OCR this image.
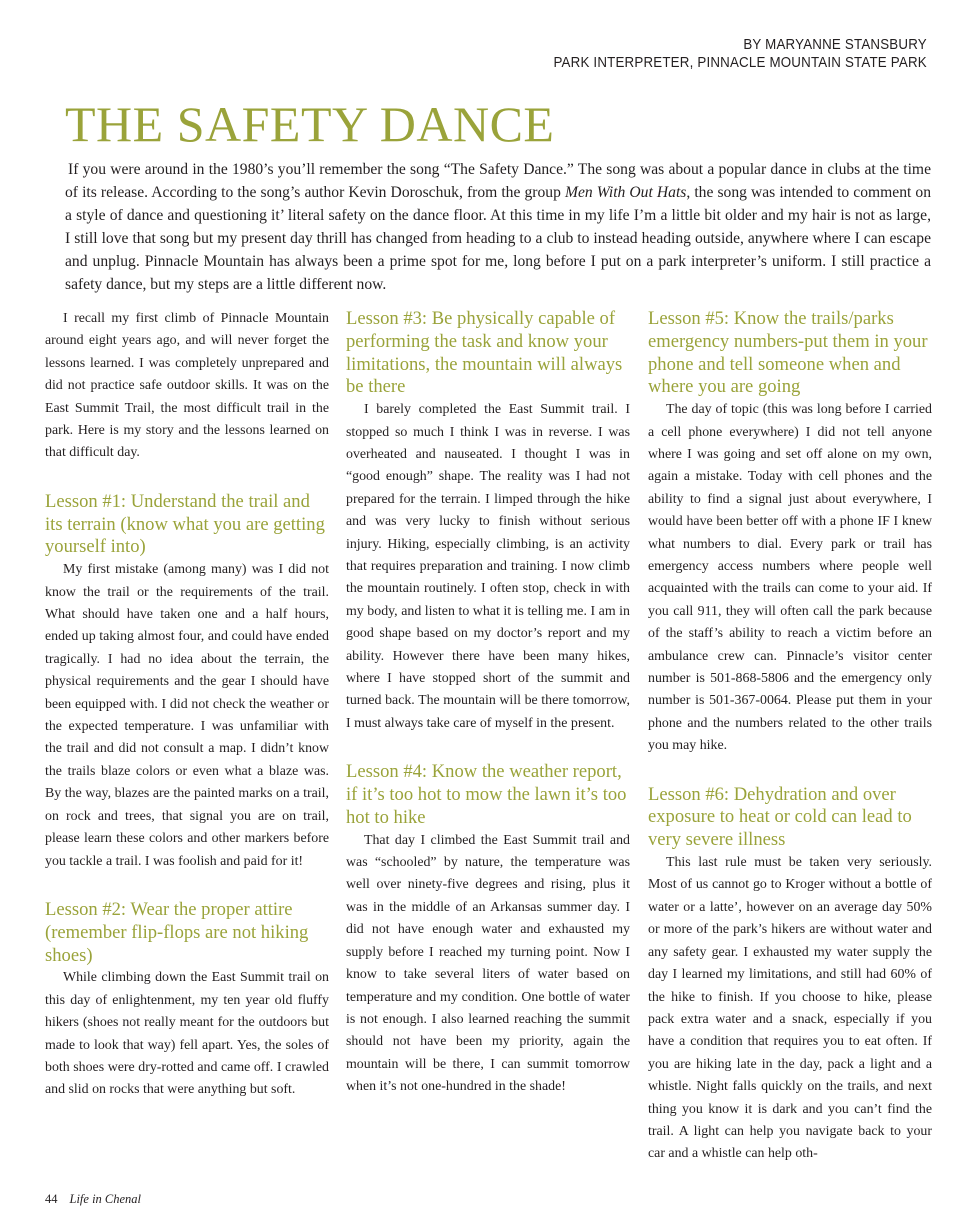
BY MARYANNE STANSBURY
PARK INTERPRETER, PINNACLE MOUNTAIN STATE PARK
THE SAFETY DANCE

If you were around in the 1980’s you’ll remember the song “The Safety Dance.” The song was about a popular dance in clubs at the time of its release. According to the song’s author Kevin Doroschuk, from the group Men With Out Hats, the song was intended to comment on a style of dance and questioning it’ literal safety on the dance floor. At this time in my life I’m a little bit older and my hair is not as large, I still love that song but my present day thrill has changed from heading to a club to instead heading outside, anywhere where I can escape and unplug. Pinnacle Mountain has always been a prime spot for me, long before I put on a park interpreter’s uniform. I still practice a safety dance, but my steps are a little different now.

I recall my first climb of Pinnacle Mountain around eight years ago, and will never forget the lessons learned. I was completely unprepared and did not practice safe outdoor skills. It was on the East Summit Trail, the most difficult trail in the park. Here is my story and the lessons learned on that difficult day.

Lesson #1: Understand the trail and its terrain (know what you are getting yourself into)

My first mistake (among many) was I did not know the trail or the requirements of the trail. What should have taken one and a half hours, ended up taking almost four, and could have ended tragically. I had no idea about the terrain, the physical requirements and the gear I should have been equipped with. I did not check the weather or the expected temperature. I was unfamiliar with the trail and did not consult a map. I didn’t know the trails blaze colors or even what a blaze was. By the way, blazes are the painted marks on a trail, on rock and trees, that signal you are on trail, please learn these colors and other markers before you tackle a trail. I was foolish and paid for it!

Lesson #2: Wear the proper attire (remember flip-flops are not hiking shoes)

While climbing down the East Summit trail on this day of enlightenment, my ten year old fluffy hikers (shoes not really meant for the outdoors but made to look that way) fell apart. Yes, the soles of both shoes were dry-rotted and came off. I crawled and slid on rocks that were anything but soft.

Lesson #3: Be physically capable of performing the task and know your limitations, the mountain will always be there

I barely completed the East Summit trail. I stopped so much I think I was in reverse. I was overheated and nauseated. I thought I was in “good enough” shape. The reality was I had not prepared for the terrain. I limped through the hike and was very lucky to finish without serious injury. Hiking, especially climbing, is an activity that requires preparation and training. I now climb the mountain routinely. I often stop, check in with my body, and listen to what it is telling me. I am in good shape based on my doctor’s report and my ability. However there have been many hikes, where I have stopped short of the summit and turned back. The mountain will be there tomorrow, I must always take care of myself in the present.

Lesson #4: Know the weather report, if it’s too hot to mow the lawn it’s too hot to hike

That day I climbed the East Summit trail and was “schooled” by nature, the temperature was well over ninety-five degrees and rising, plus it was in the middle of an Arkansas summer day. I did not have enough water and exhausted my supply before I reached my turning point. Now I know to take several liters of water based on temperature and my condition. One bottle of water is not enough. I also learned reaching the summit should not have been my priority, again the mountain will be there, I can summit tomorrow when it’s not one-hundred in the shade!

Lesson #5: Know the trails/parks emergency numbers-put them in your phone and tell someone when and where you are going

The day of topic (this was long before I carried a cell phone everywhere) I did not tell anyone where I was going and set off alone on my own, again a mistake. Today with cell phones and the ability to find a signal just about everywhere, I would have been better off with a phone IF I knew what numbers to dial. Every park or trail has emergency access numbers where people well acquainted with the trails can come to your aid. If you call 911, they will often call the park because of the staff’s ability to reach a victim before an ambulance crew can. Pinnacle’s visitor center number is 501-868-5806 and the emergency only number is 501-367-0064. Please put them in your phone and the numbers related to the other trails you may hike.

Lesson #6: Dehydration and over exposure to heat or cold can lead to very severe illness

This last rule must be taken very seriously. Most of us cannot go to Kroger without a bottle of water or a latte’, however on an average day 50% or more of the park’s hikers are without water and any safety gear. I exhausted my water supply the day I learned my limitations, and still had 60% of the hike to finish. If you choose to hike, please pack extra water and a snack, especially if you have a condition that requires you to eat often. If you are hiking late in the day, pack a light and a whistle. Night falls quickly on the trails, and next thing you know it is dark and you can’t find the trail. A light can help you navigate back to your car and a whistle can help oth-

44 Life in Chenal
